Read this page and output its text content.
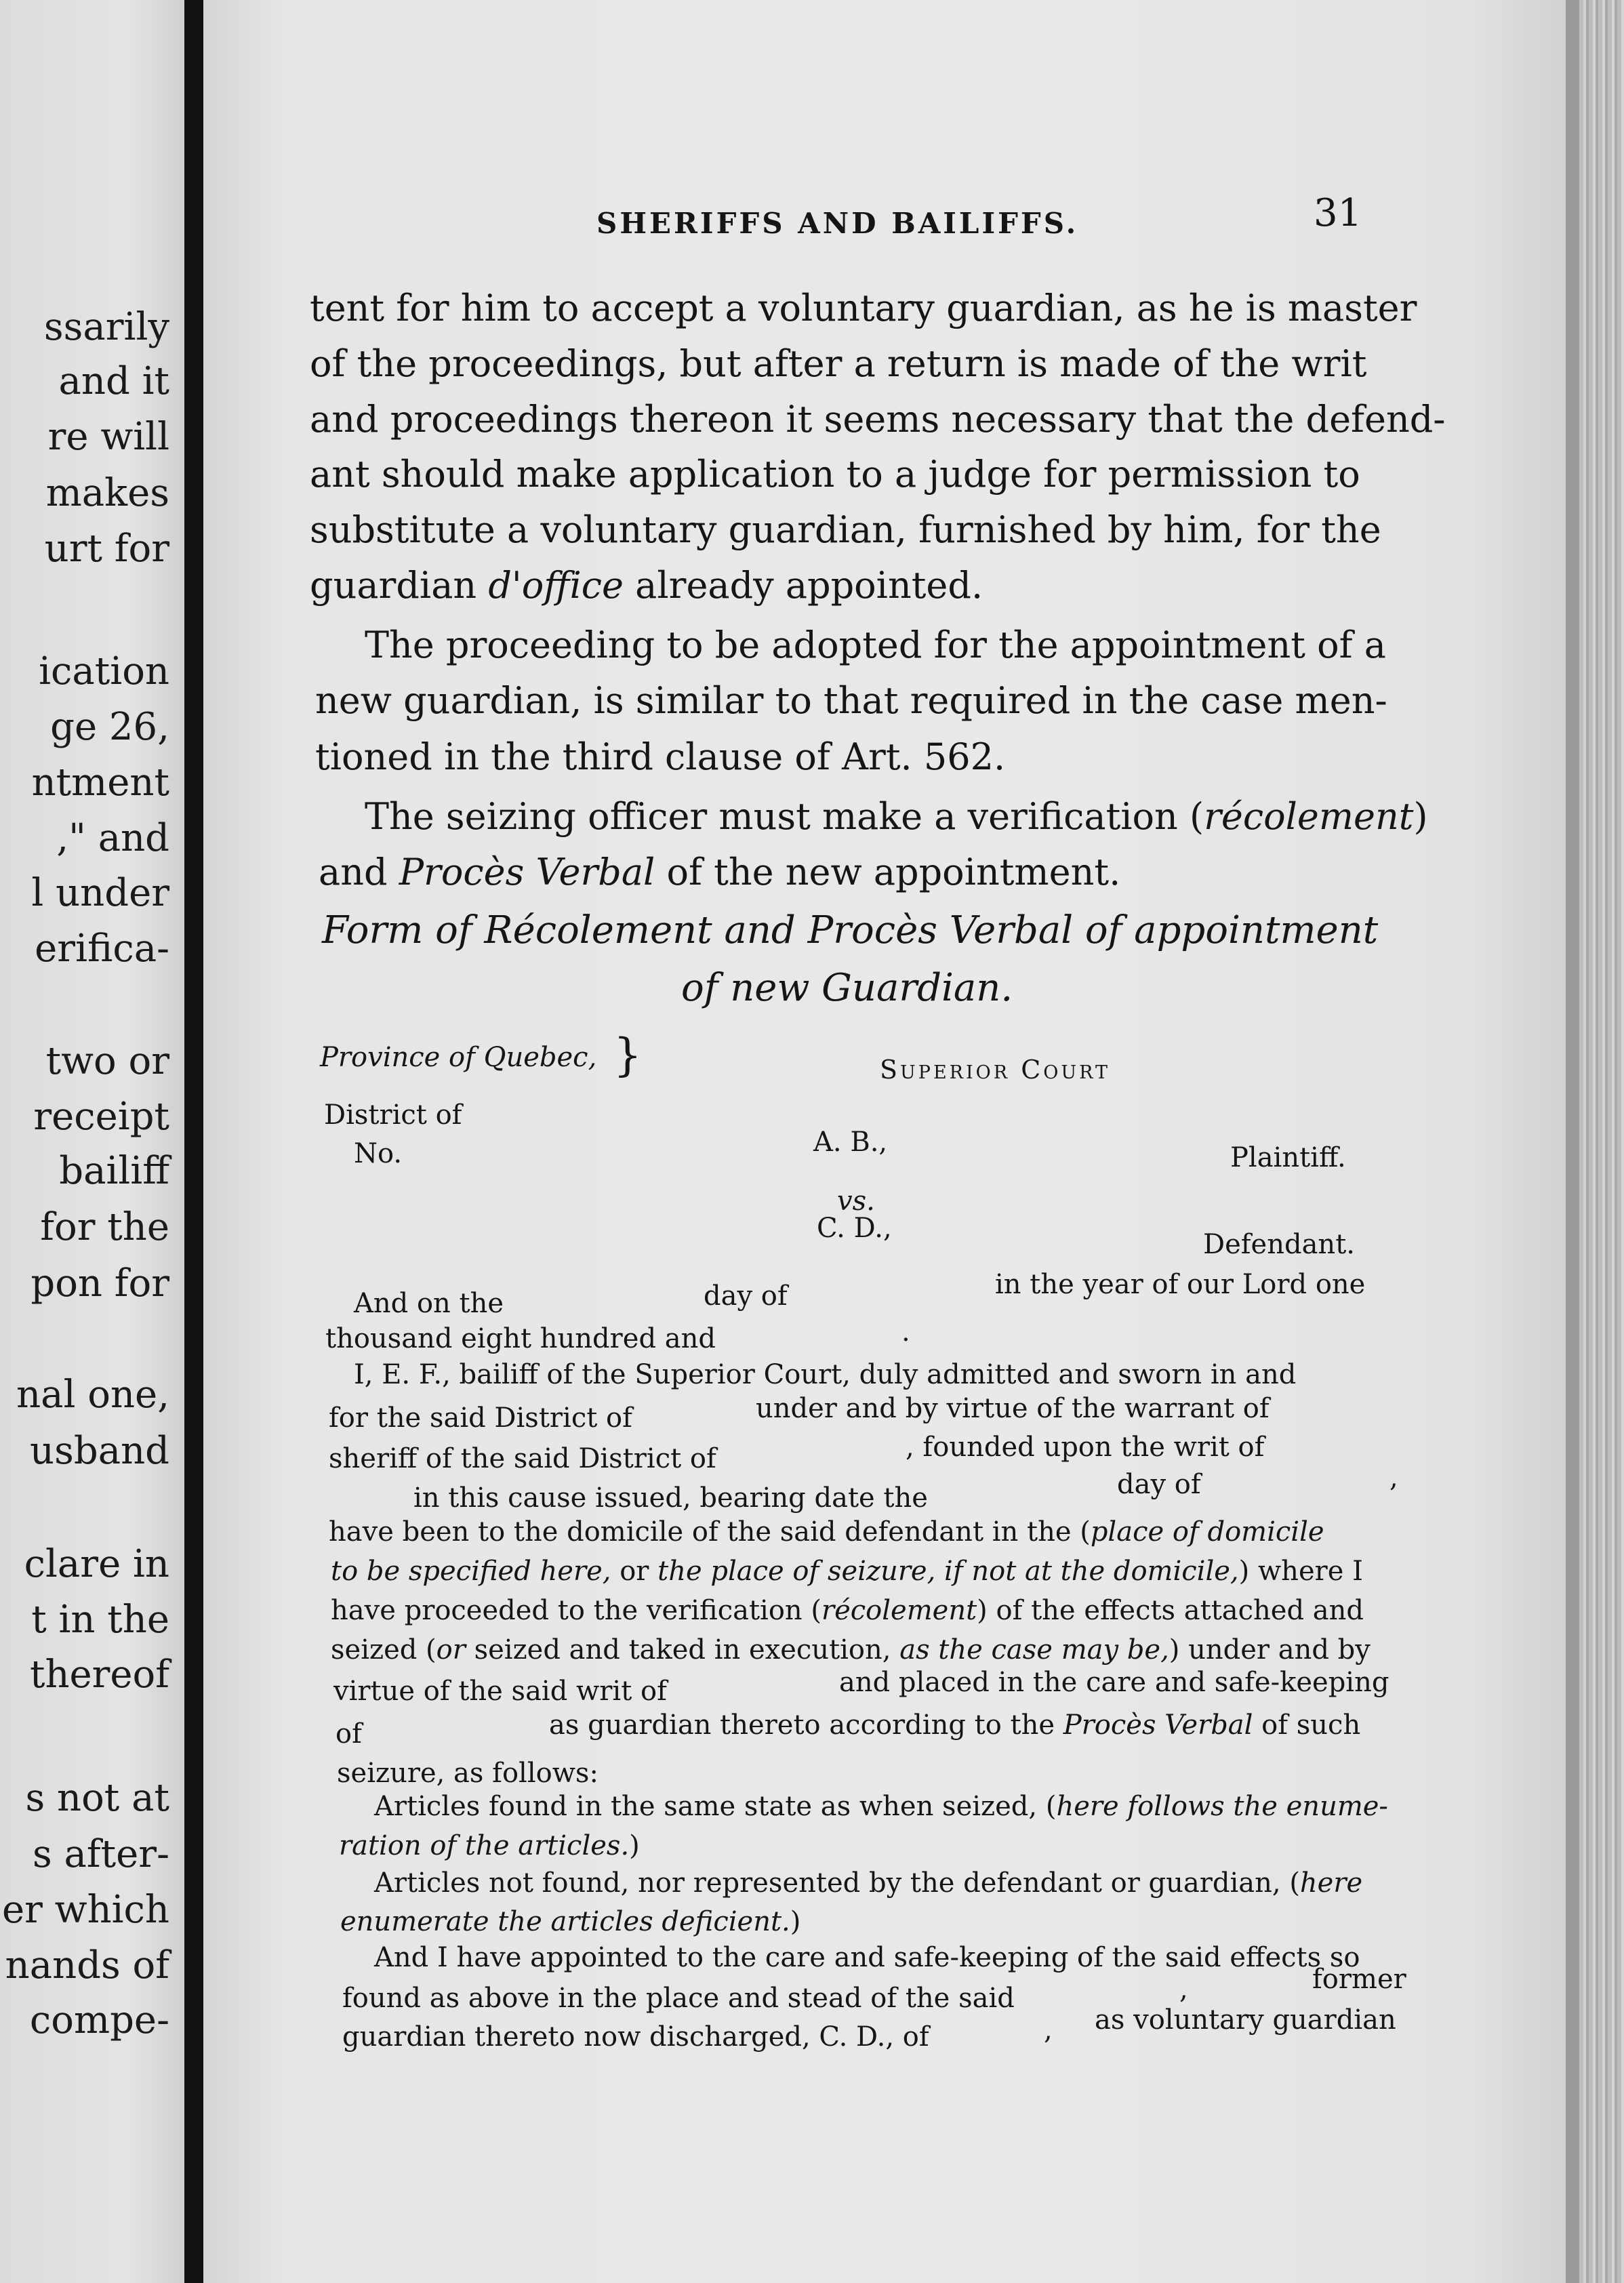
ssarily
and it
re will
makes
urt for
ication
ge 26,
ntment
," and
l under
erifica-
two or
receipt
bailiff
for the
pon for
nal one,
usband
clare in
t in the
thereof
s not at
s after-
er which
nands of
compe-
SHERIFFS AND BAILIFFS.	31
tent for him to accept a voluntary guardian, as he is master
of the proceedings, but after a return is made of the writ
and proceedings thereon it seems necessary that the defend-
ant should make application to a judge for permission to
substitute a voluntary guardian, furnished by him, for the
guardian d'office already appointed.
The proceeding to be adopted for the appointment of a
new guardian, is similar to that required in the case men-
tioned in the third clause of Art. 562.
The seizing officer must make a verification (récolement)
and Procès Verbal of the new appointment.
Form of Récolement and Procès Verbal of appointment
of new Guardian.
Province of Quebec, }
District of
No.
Superior Court
A. B.,	Plaintiff.
vs.
C. D.,
Defendant.
And on the	day of	in the year of our Lord one
thousand eight hundred and	.
I, E. F., bailiff of the Superior Court, duly admitted and sworn in and
for the said District of	under and by virtue of the warrant of
sheriff of the said District of	, founded upon the writ of
in this cause issued, bearing date the	day of	,
have been to the domicile of the said defendant in the (place of domicile
to be specified here, or the place of seizure, if not at the domicile,) where I
have proceeded to the verification (récolement) of the effects attached and
seized (or seized and taked in execution, as the case may be,) under and by
virtue of the said writ of	and placed in the care and safe-keeping
of	as guardian thereto according to the Procès Verbal of such
seizure, as follows:
Articles found in the same state as when seized, (here follows the enume-
ration of the articles.)
Articles not found, nor represented by the defendant or guardian, (here
enumerate the articles deficient.)
And I have appointed to the care and safe-keeping of the said effects so
found as above in the place and stead of the said	,	former
guardian thereto now discharged, C. D., of	, as voluntary guardian
